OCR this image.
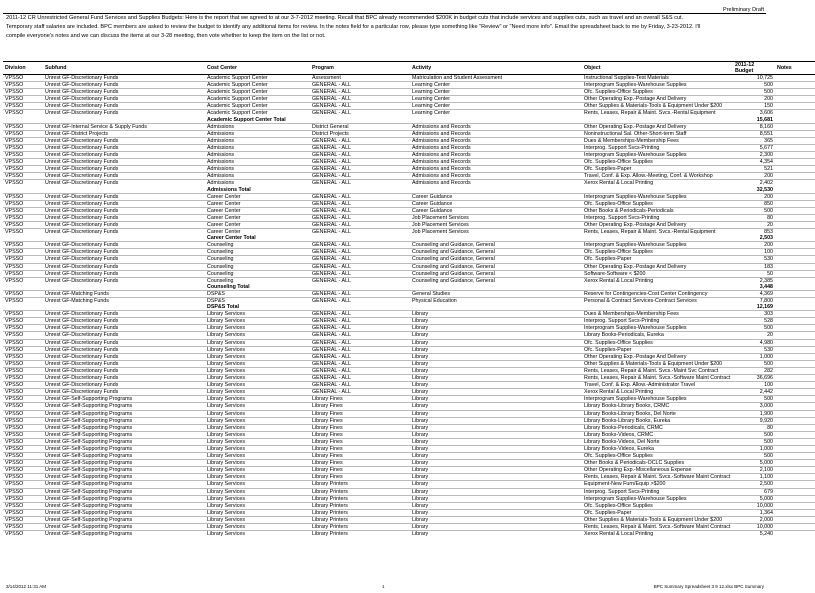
Preliminary Draft
2011-12 CR Unrestricted General Fund Services and Supplies Budgets: Here is the report that we agreed to at our 3-7-2012 meeting. Recall that BPC already recommended $200K in budget cuts that include services and supplies cuts, such as travel and an overall S&S cut. Temporary staff salaries are included. BPC members are asked to review the budget to identify any additional items for review. In the notes field for a particular row, please type something like "Review" or "Need more info". Email the spreadsheet back to me by Friday, 3-23-2012. I'll compile everyone's notes and we can discuss the items at our 3-28 meeting, then vote whether to keep the item on the list or not.
Division	Subfund	Cost Center	Program	Activity	Object	2011-12 Budget	Notes
VPSSO	Unrest GF-Discretionary Funds	Academic Support Center	Assessment	Matriculation and Student Assessment	Instructional Supplies-Test Materials	10,725	
VPSSO	Unrest GF-Discretionary Funds	Academic Support Center	GENERAL - ALL	Learning Center	Interprogram Supplies-Warehouse Supplies	500	
VPSSO	Unrest GF-Discretionary Funds	Academic Support Center	GENERAL - ALL	Learning Center	Ofc. Supplies-Office Supplies	500	
VPSSO	Unrest GF-Discretionary Funds	Academic Support Center	GENERAL - ALL	Learning Center	Other Operating Exp.-Postage And Delivery	200	
VPSSO	Unrest GF-Discretionary Funds	Academic Support Center	GENERAL - ALL	Learning Center	Other Supplies & Materials-Tools & Equipment Under $200	150	
VPSSO	Unrest GF-Discretionary Funds	Academic Support Center	GENERAL - ALL	Learning Center	Rents, Leases, Repair & Maint. Svcs.-Rental Equipment	3,606	
		Academic Support Center Total				15,681	
VPSSO	Unrest GF-Internal Service & Supply Funds	Admissions	District General	Admissions and Records	Other Operating Exp.-Postage And Delivery	8,160	
VPSSO	Unrest GF-District Projects	Admissions	District Projects	Admissions and Records	Noninstructional Sal. Other-Short-term Staff	8,551	
VPSSO	Unrest GF-Discretionary Funds	Admissions	GENERAL - ALL	Admissions and Records	Dues & Memberships-Membership Fees	365	
VPSSO	Unrest GF-Discretionary Funds	Admissions	GENERAL - ALL	Admissions and Records	Interprog. Support Svcs-Printing	5,677	
VPSSO	Unrest GF-Discretionary Funds	Admissions	GENERAL - ALL	Admissions and Records	Interprogram Supplies-Warehouse Supplies	2,300	
VPSSO	Unrest GF-Discretionary Funds	Admissions	GENERAL - ALL	Admissions and Records	Ofc. Supplies-Office Supplies	4,354	
VPSSO	Unrest GF-Discretionary Funds	Admissions	GENERAL - ALL	Admissions and Records	Ofc. Supplies-Paper	521	
VPSSO	Unrest GF-Discretionary Funds	Admissions	GENERAL - ALL	Admissions and Records	Travel, Conf. & Exp. Allow.-Meeting, Conf. & Workshop	200	
VPSSO	Unrest GF-Discretionary Funds	Admissions	GENERAL - ALL	Admissions and Records	Xerox Rental & Local Printing	2,402	
		Admissions Total				32,530	
VPSSO	Unrest GF-Discretionary Funds	Career Center	GENERAL - ALL	Career Guidance	Interprogram Supplies-Warehouse Supplies	200	
VPSSO	Unrest GF-Discretionary Funds	Career Center	GENERAL - ALL	Career Guidance	Ofc. Supplies-Office Supplies	850	
VPSSO	Unrest GF-Discretionary Funds	Career Center	GENERAL - ALL	Career Guidance	Other Books & Periodicals-Periodicals	500	
VPSSO	Unrest GF-Discretionary Funds	Career Center	GENERAL - ALL	Job Placement Services	Interprog. Support Svcs-Printing	80	
VPSSO	Unrest GF-Discretionary Funds	Career Center	GENERAL - ALL	Job Placement Services	Other Operating Exp.-Postage And Delivery	20	
VPSSO	Unrest GF-Discretionary Funds	Career Center	GENERAL - ALL	Job Placement Services	Rents, Leases, Repair & Maint. Svcs.-Rental Equipment	853	
		Career Center Total				2,503	
VPSSO	Unrest GF-Discretionary Funds	Counseling	GENERAL - ALL	Counseling and Guidance, General	Interprogram Supplies-Warehouse Supplies	200	
VPSSO	Unrest GF-Discretionary Funds	Counseling	GENERAL - ALL	Counseling and Guidance, General	Ofc. Supplies-Office Supplies	100	
VPSSO	Unrest GF-Discretionary Funds	Counseling	GENERAL - ALL	Counseling and Guidance, General	Ofc. Supplies-Paper	530	
VPSSO	Unrest GF-Discretionary Funds	Counseling	GENERAL - ALL	Counseling and Guidance, General	Other Operating Exp.-Postage And Delivery	183	
VPSSO	Unrest GF-Discretionary Funds	Counseling	GENERAL - ALL	Counseling and Guidance, General	Software-Software < $200	50	
VPSSO	Unrest GF-Discretionary Funds	Counseling	GENERAL - ALL	Counseling and Guidance, General	Xerox Rental & Local Printing	2,385	
		Counseling Total				3,448	
VPSSO	Unrest GF-Matching Funds	DSP&S	GENERAL - ALL	General Studies	Reserve for Contingencies-Cost Center Contingency	4,369	
VPSSO	Unrest GF-Matching Funds	DSP&S	GENERAL - ALL	Physical Education	Personal & Contract Services-Contract Services	7,800	
		DSP&S Total				12,169	
VPSSO	Unrest GF-Discretionary Funds	Library Services	GENERAL - ALL	Library	Dues & Memberships-Membership Fees	303	
VPSSO	Unrest GF-Discretionary Funds	Library Services	GENERAL - ALL	Library	Interprog. Support Svcs-Printing	528	
VPSSO	Unrest GF-Discretionary Funds	Library Services	GENERAL - ALL	Library	Interprogram Supplies-Warehouse Supplies	500	
VPSSO	Unrest GF-Discretionary Funds	Library Services	GENERAL - ALL	Library	Library Books-Periodicals, Eureka	20	
VPSSO	Unrest GF-Discretionary Funds	Library Services	GENERAL - ALL	Library	Ofc. Supplies-Office Supplies	4,980	
VPSSO	Unrest GF-Discretionary Funds	Library Services	GENERAL - ALL	Library	Ofc. Supplies-Paper	530	
VPSSO	Unrest GF-Discretionary Funds	Library Services	GENERAL - ALL	Library	Other Operating Exp.-Postage And Delivery	1,000	
VPSSO	Unrest GF-Discretionary Funds	Library Services	GENERAL - ALL	Library	Other Supplies & Materials-Tools & Equipment Under $200	500	
VPSSO	Unrest GF-Discretionary Funds	Library Services	GENERAL - ALL	Library	Rents, Leases, Repair & Maint. Svcs.-Maint Svc Contract	282	
VPSSO	Unrest GF-Discretionary Funds	Library Services	GENERAL - ALL	Library	Rents, Leases, Repair & Maint. Svcs.-Software Maint Contract	36,696	
VPSSO	Unrest GF-Discretionary Funds	Library Services	GENERAL - ALL	Library	Travel, Conf. & Exp. Allow.-Administrator Travel	100	
VPSSO	Unrest GF-Discretionary Funds	Library Services	GENERAL - ALL	Library	Xerox Rental & Local Printing	2,442	
VPSSO	Unrest GF-Self-Supporting Programs	Library Services	Library Fines	Library	Interprogram Supplies-Warehouse Supplies	500	
VPSSO	Unrest GF-Self-Supporting Programs	Library Services	Library Fines	Library	Library Books-Library Books, CRMC	3,000	
VPSSO	Unrest GF-Self-Supporting Programs	Library Services	Library Fines	Library	Library Books-Library Books, Del Norte	1,900	
VPSSO	Unrest GF-Self-Supporting Programs	Library Services	Library Fines	Library	Library Books-Library Books, Eureka	9,920	
VPSSO	Unrest GF-Self-Supporting Programs	Library Services	Library Fines	Library	Library Books-Periodicals, CRMC	80	
VPSSO	Unrest GF-Self-Supporting Programs	Library Services	Library Fines	Library	Library Books-Videos, CRMC	500	
VPSSO	Unrest GF-Self-Supporting Programs	Library Services	Library Fines	Library	Library Books-Videos, Del Norte	500	
VPSSO	Unrest GF-Self-Supporting Programs	Library Services	Library Fines	Library	Library Books-Videos, Eureka	1,000	
VPSSO	Unrest GF-Self-Supporting Programs	Library Services	Library Fines	Library	Ofc. Supplies-Office Supplies	500	
VPSSO	Unrest GF-Self-Supporting Programs	Library Services	Library Fines	Library	Other Books & Periodicals-OCLC Supplies	5,000	
VPSSO	Unrest GF-Self-Supporting Programs	Library Services	Library Fines	Library	Other Operating Exp.-Miscellaneous Expense	2,100	
VPSSO	Unrest GF-Self-Supporting Programs	Library Services	Library Fines	Library	Rents, Leases, Repair & Maint. Svcs.-Software Maint Contract	1,100	
VPSSO	Unrest GF-Self-Supporting Programs	Library Services	Library Printers	Library	Equipment-New Furn/Equip >$200	2,500	
VPSSO	Unrest GF-Self-Supporting Programs	Library Services	Library Printers	Library	Interprog. Support Svcs-Printing	679	
VPSSO	Unrest GF-Self-Supporting Programs	Library Services	Library Printers	Library	Interprogram Supplies-Warehouse Supplies	5,000	
VPSSO	Unrest GF-Self-Supporting Programs	Library Services	Library Printers	Library	Ofc. Supplies-Office Supplies	10,000	
VPSSO	Unrest GF-Self-Supporting Programs	Library Services	Library Printers	Library	Ofc. Supplies-Paper	1,364	
VPSSO	Unrest GF-Self-Supporting Programs	Library Services	Library Printers	Library	Other Supplies & Materials-Tools & Equipment Under $200	2,000	
VPSSO	Unrest GF-Self-Supporting Programs	Library Services	Library Printers	Library	Rents, Leases, Repair & Maint. Svcs.-Software Maint Contract	10,000	
VPSSO	Unrest GF-Self-Supporting Programs	Library Services	Library Printers	Library	Xerox Rental & Local Printing	5,240	
3/14/2012 11:31 AM	1	BPC Summary Spreadsheet 3 9 12.xlsx BPC Summary
